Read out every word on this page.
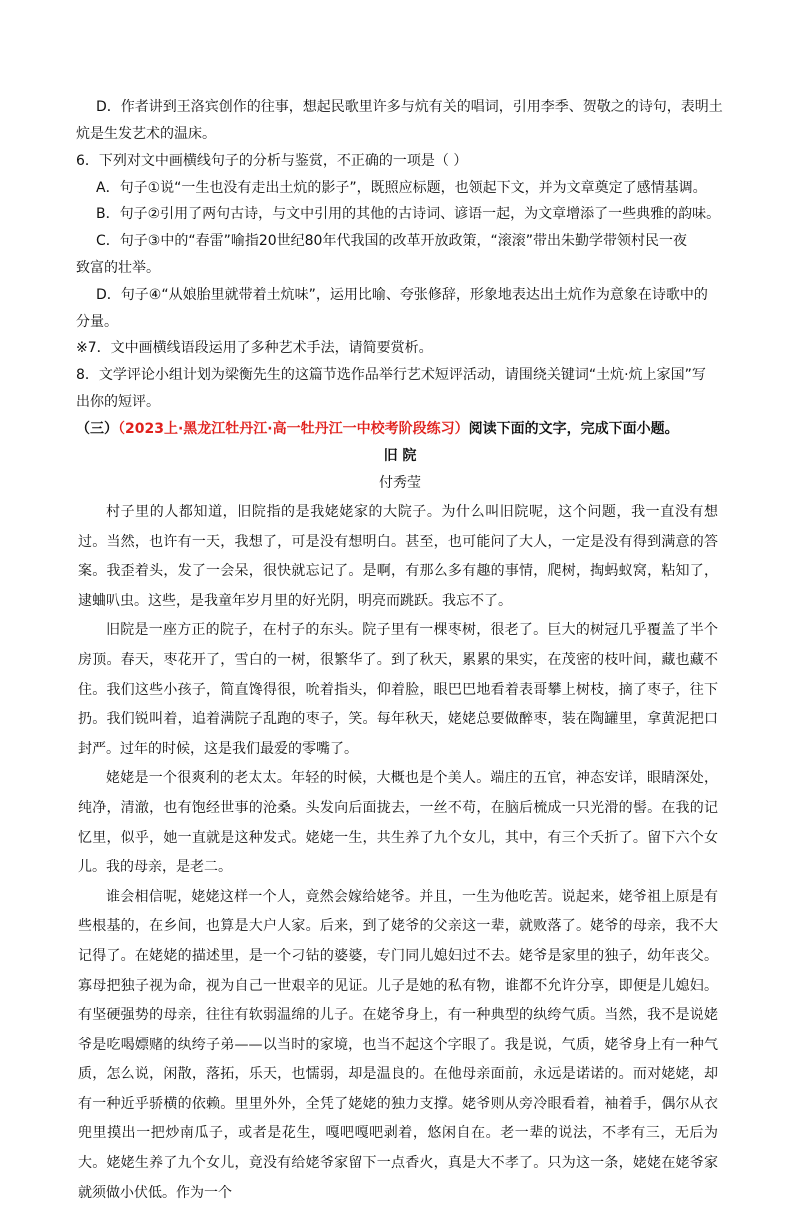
D．作者讲到王洛宾创作的往事，想起民歌里许多与炕有关的唱词，引用李季、贺敬之的诗句，表明土
炕是生发艺术的温床。
6．下列对文中画横线句子的分析与鉴赏，不正确的一项是（ ）
A．句子①说“一生也没有走出土炕的影子”，既照应标题，也领起下文，并为文章奠定了感情基调。
B．句子②引用了两句古诗，与文中引用的其他的古诗词、谚语一起，为文章增添了一些典雅的韵味。
C．句子③中的“春雷”喻指20世纪80年代我国的改革开放政策，“滚滚”带出朱勤学带领村民一夜
致富的壮举。
D．句子④“从娘胎里就带着土炕味”，运用比喻、夸张修辞，形象地表达出土炕作为意象在诗歌中的
分量。
※7．文中画横线语段运用了多种艺术手法，请简要赏析。
8．文学评论小组计划为梁衡先生的这篇节选作品举行艺术短评活动，请围绕关键词“土炕·炕上家国”写
出你的短评。
（三）（2023上·黑龙江牡丹江·高一牡丹江一中校考阶段练习）阅读下面的文字，完成下面小题。
旧 院
付秀莹

村子里的人都知道，旧院指的是我姥姥家的大院子。为什么叫旧院呢，这个问题，我一直没有想过。当然，也许有一天，我想了，可是没有想明白。甚至，也可能问了大人，一定是没有得到满意的答案。我歪着头，发了一会呆，很快就忘记了。是啊，有那么多有趣的事情，爬树，掏蚂蚁窝，粘知了，逮蛐叭虫。这些，是我童年岁月里的好光阴，明亮而跳跃。我忘不了。

旧院是一座方正的院子，在村子的东头。院子里有一棵枣树，很老了。巨大的树冠几乎覆盖了半个房顶。春天，枣花开了，雪白的一树，很繁华了。到了秋天，累累的果实，在茂密的枝叶间，藏也藏不住。我们这些小孩子，简直馋得很，吮着指头，仰着脸，眼巴巴地看着表哥攀上树枝，摘了枣子，往下扔。我们锐叫着，追着满院子乱跑的枣子，笑。每年秋天，姥姥总要做醉枣，装在陶罐里，拿黄泥把口封严。过年的时候，这是我们最爱的零嘴了。

姥姥是一个很爽利的老太太。年轻的时候，大概也是个美人。端庄的五官，神态安详，眼睛深处，纯净，清澈，也有饱经世事的沧桑。头发向后面拢去，一丝不苟，在脑后梳成一只光滑的髻。在我的记忆里，似乎，她一直就是这种发式。姥姥一生，共生养了九个女儿，其中，有三个夭折了。留下六个女儿。我的母亲，是老二。

谁会相信呢，姥姥这样一个人，竟然会嫁给姥爷。并且，一生为他吃苦。说起来，姥爷祖上原是有些根基的，在乡间，也算是大户人家。后来，到了姥爷的父亲这一辈，就败落了。姥爷的母亲，我不大记得了。在姥姥的描述里，是一个刁钻的婆婆，专门同儿媳妇过不去。姥爷是家里的独子，幼年丧父。寡母把独子视为命，视为自己一世艰辛的见证。儿子是她的私有物，谁都不允许分享，即便是儿媳妇。有坚硬强势的母亲，往往有软弱温绵的儿子。在姥爷身上，有一种典型的纨绔气质。当然，我不是说姥爷是吃喝嫖赌的纨绔子弟——以当时的家境，也当不起这个字眼了。我是说，气质，姥爷身上有一种气质，怎么说，闲散，落拓，乐天，也懦弱，却是温良的。在他母亲面前，永远是诺诺的。而对姥姥，却有一种近乎骄横的依赖。里里外外，全凭了姥姥的独力支撑。姥爷则从旁冷眼看着，袖着手，偶尔从衣兜里摸出一把炒南瓜子，或者是花生，嘎吧嘎吧剥着，悠闲自在。老一辈的说法，不孝有三，无后为大。姥姥生养了九个女儿，竟没有给姥爷家留下一点香火，真是大不孝了。只为这一条，姥姥在姥爷家就须做小伏低。作为一个
